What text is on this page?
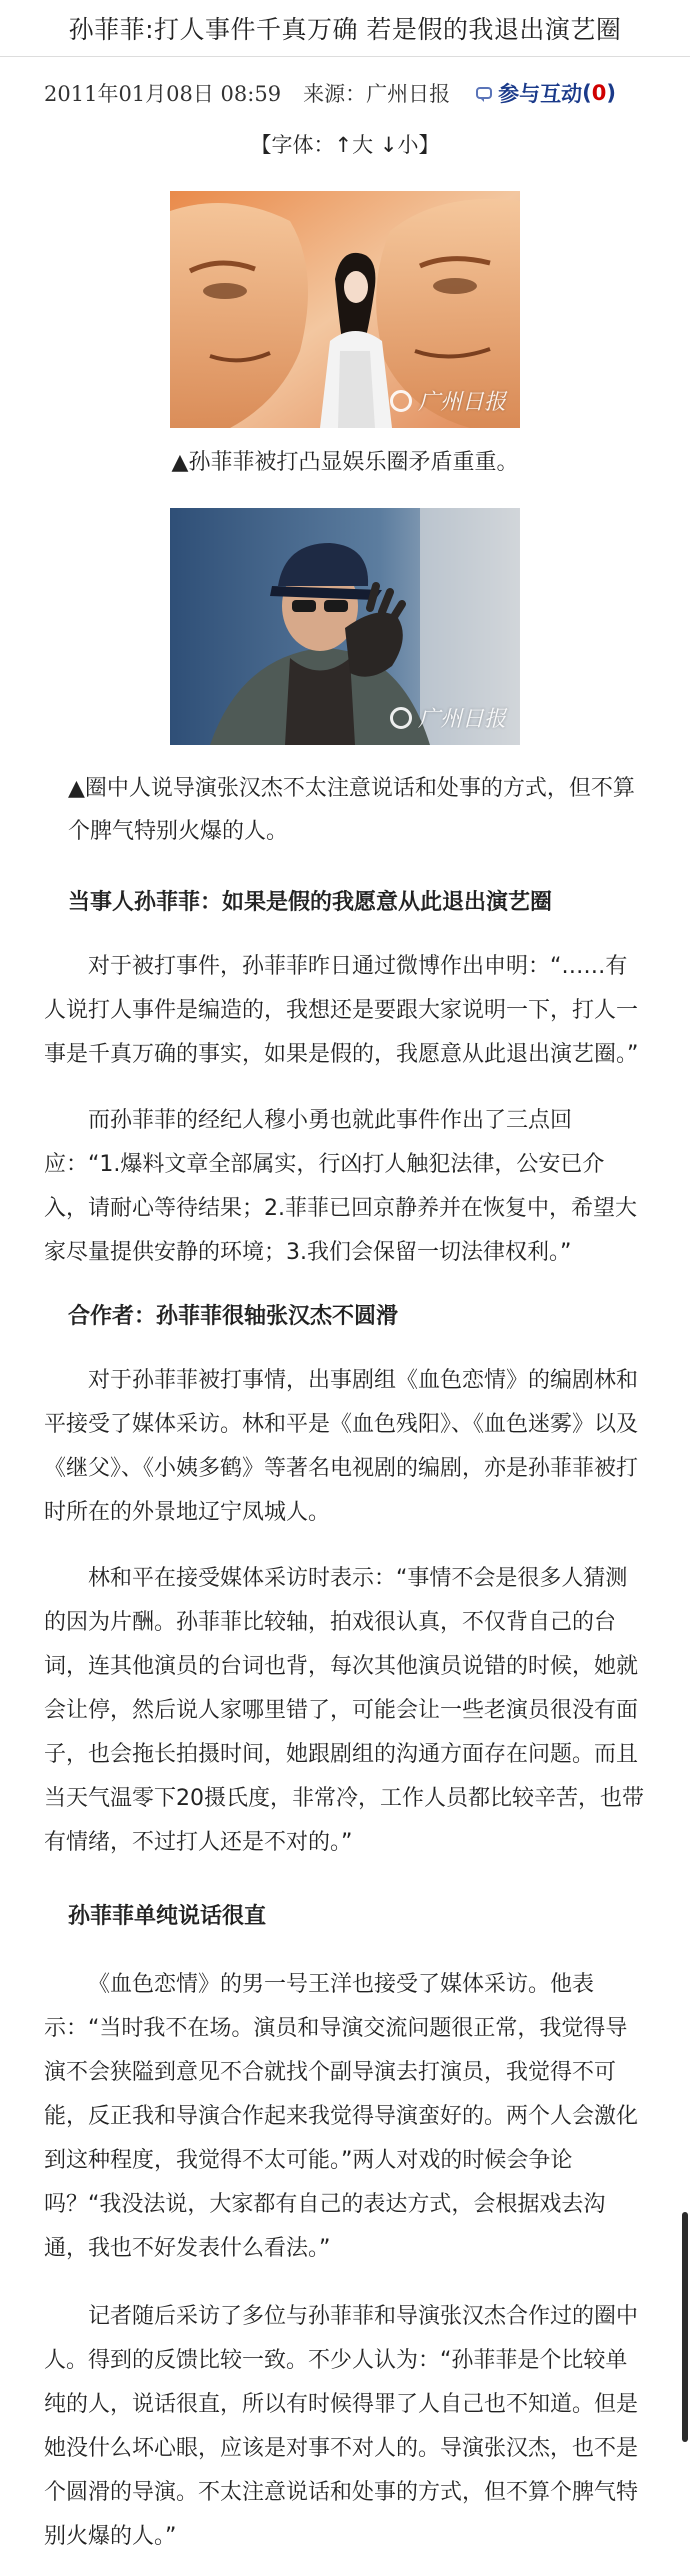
孙菲菲:打人事件千真万确 若是假的我退出演艺圈
2011年01月08日 08:59 来源：广州日报 参与互动 ( 0 )
【字体：↑大 ↓小】
广州日报
▲孙菲菲被打凸显娱乐圈矛盾重重。
广州日报
▲圈中人说导演张汉杰不太注意说话和处事的方式，但不算个脾气特别火爆的人。
当事人孙菲菲：如果是假的我愿意从此退出演艺圈

对于被打事件，孙菲菲昨日通过微博作出申明：“……有人说打人事件是编造的，我想还是要跟大家说明一下，打人一事是千真万确的事实，如果是假的，我愿意从此退出演艺圈。”

而孙菲菲的经纪人穆小勇也就此事件作出了三点回应：“1.爆料文章全部属实，行凶打人触犯法律，公安已介入，请耐心等待结果；2.菲菲已回京静养并在恢复中，希望大家尽量提供安静的环境；3.我们会保留一切法律权利。”

合作者：孙菲菲很轴张汉杰不圆滑

对于孙菲菲被打事情，出事剧组《血色恋情》的编剧林和平接受了媒体采访。林和平是《血色残阳》、《血色迷雾》以及《继父》、《小姨多鹤》等著名电视剧的编剧，亦是孙菲菲被打时所在的外景地辽宁凤城人。

林和平在接受媒体采访时表示：“事情不会是很多人猜测的因为片酬。孙菲菲比较轴，拍戏很认真，不仅背自己的台词，连其他演员的台词也背，每次其他演员说错的时候，她就会让停，然后说人家哪里错了，可能会让一些老演员很没有面子，也会拖长拍摄时间，她跟剧组的沟通方面存在问题。而且当天气温零下20摄氏度，非常冷，工作人员都比较辛苦，也带有情绪，不过打人还是不对的。”

孙菲菲单纯说话很直

《血色恋情》的男一号王洋也接受了媒体采访。他表示：“当时我不在场。演员和导演交流问题很正常，我觉得导演不会狭隘到意见不合就找个副导演去打演员，我觉得不可能，反正我和导演合作起来我觉得导演蛮好的。两个人会激化到这种程度，我觉得不太可能。”两人对戏的时候会争论吗？“我没法说，大家都有自己的表达方式，会根据戏去沟通，我也不好发表什么看法。”

记者随后采访了多位与孙菲菲和导演张汉杰合作过的圈中人。得到的反馈比较一致。不少人认为：“孙菲菲是个比较单纯的人，说话很直，所以有时候得罪了人自己也不知道。但是她没什么坏心眼，应该是对事不对人的。导演张汉杰，也不是个圆滑的导演。不太注意说话和处事的方式，但不算个脾气特别火爆的人。”
